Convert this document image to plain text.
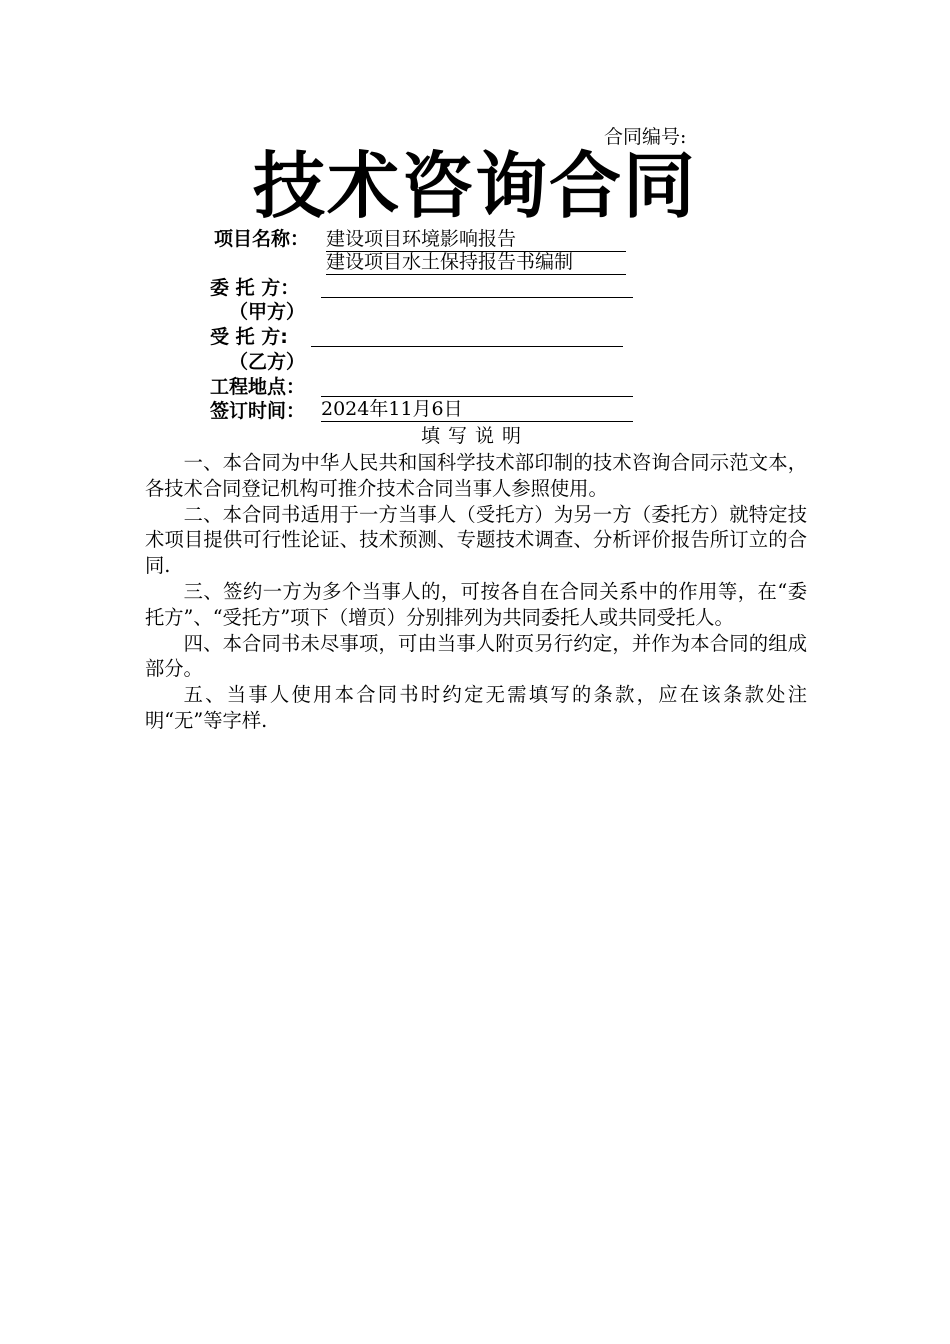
合同编号:
技术咨询合同
项目名称： 建设项目环境影响报告
建设项目水土保持报告书编制
委 托 方：
（甲方）
受 托 方:
（乙方）
工程地点：
签订时间： 2024年11月6日
填写说明

一、本合同为中华人民共和国科学技术部印制的技术咨询合同示范文本，各技术合同登记机构可推介技术合同当事人参照使用。

二、本合同书适用于一方当事人（受托方）为另一方（委托方）就特定技术项目提供可行性论证、技术预测、专题技术调查、分析评价报告所订立的合同.

三、签约一方为多个当事人的，可按各自在合同关系中的作用等，在“委托方”、“受托方”项下（增页）分别排列为共同委托人或共同受托人。

四、本合同书未尽事项，可由当事人附页另行约定，并作为本合同的组成部分。

五、当事人使用本合同书时约定无需填写的条款，应在该条款处注明“无”等字样.
